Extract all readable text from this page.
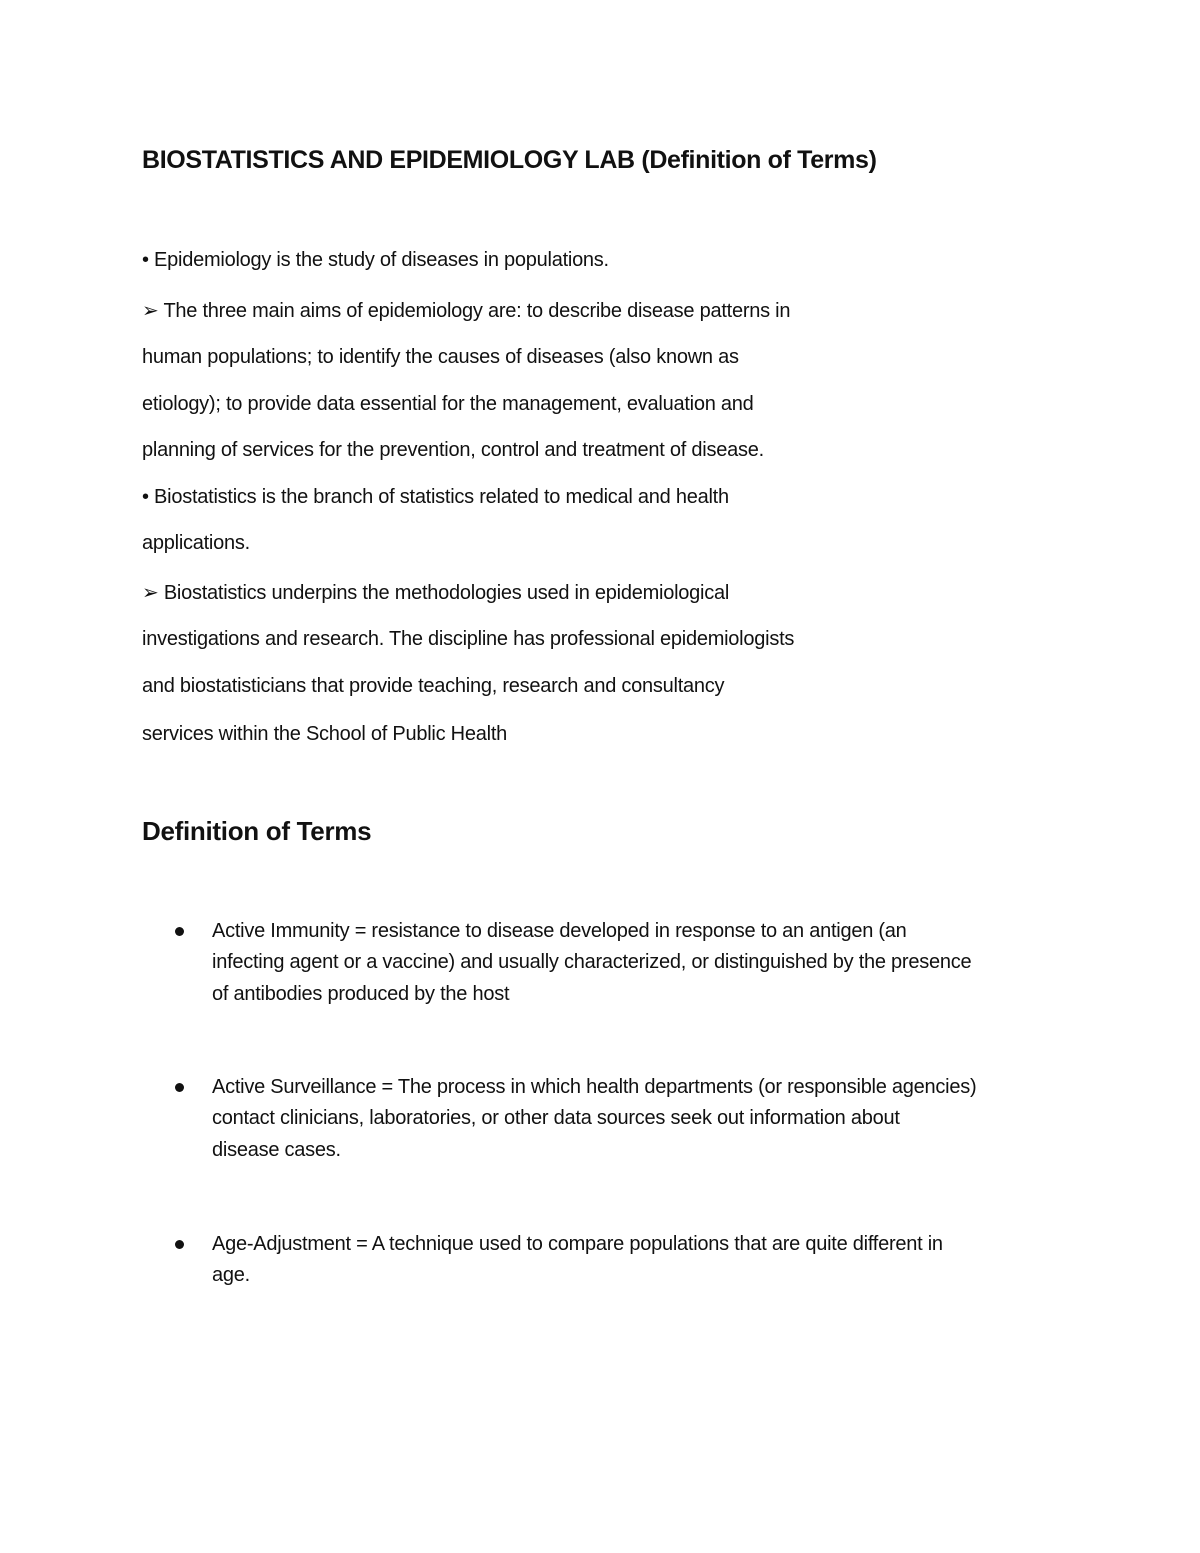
BIOSTATISTICS AND EPIDEMIOLOGY LAB (Definition of Terms)

• Epidemiology is the study of diseases in populations.

➢ The three main aims of epidemiology are: to describe disease patterns in

human populations; to identify the causes of diseases (also known as

etiology); to provide data essential for the management, evaluation and

planning of services for the prevention, control and treatment of disease.

• Biostatistics is the branch of statistics related to medical and health

applications.

➢ Biostatistics underpins the methodologies used in epidemiological

investigations and research. The discipline has professional epidemiologists

and biostatisticians that provide teaching, research and consultancy

services within the School of Public Health

Definition of Terms
Active Immunity = resistance to disease developed in response to an antigen (an
infecting agent or a vaccine) and usually characterized, or distinguished by the presence
of antibodies produced by the host
Active Surveillance = The process in which health departments (or responsible agencies)
contact clinicians, laboratories, or other data sources seek out information about
disease cases.
Age-Adjustment = A technique used to compare populations that are quite different in
age.
